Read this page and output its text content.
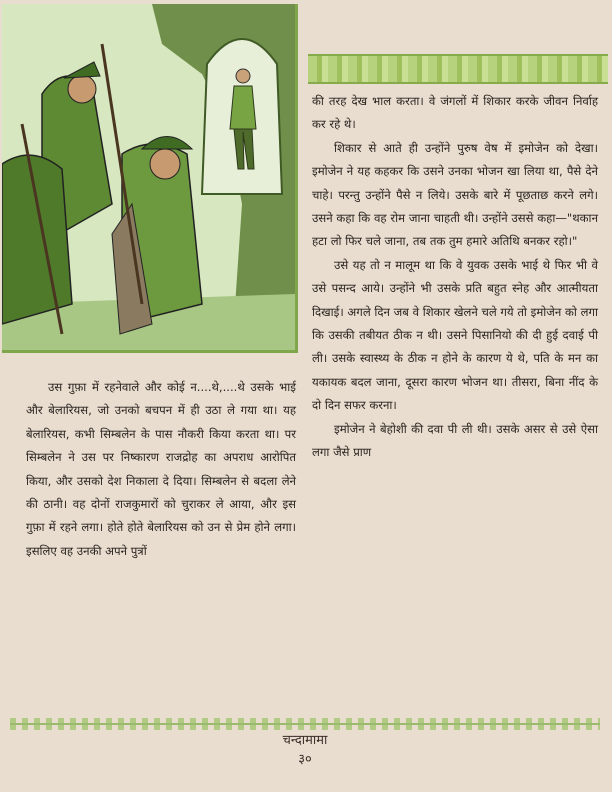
की तरह देख भाल करता। वे जंगलों में शिकार करके जीवन निर्वाह कर रहे थे।

शिकार से आते ही उन्होंने पुरुष वेष में इमोजेन को देखा। इमोजेन ने यह कहकर कि उसने उनका भोजन खा लिया था, पैसे देने चाहे। परन्तु उन्होंने पैसे न लिये। उसके बारे में पूछताछ करने लगे। उसने कहा कि वह रोम जाना चाहती थी। उन्होंने उससे कहा—"थकान हटा लो फिर चले जाना, तब तक तुम हमारे अतिथि बनकर रहो।"

उसे यह तो न मालूम था कि वे युवक उसके भाई थे फिर भी वे उसे पसन्द आये। उन्होंने भी उसके प्रति बहुत स्नेह और आत्मीयता दिखाई। अगले दिन जब वे शिकार खेलने चले गये तो इमोजेन को लगा कि उसकी तबीयत ठीक न थी। उसने पिसानियो की दी हुई दवाई पी ली। उसके स्वास्थ्य के ठीक न होने के कारण ये थे, पति के मन का यकायक बदल जाना, दूसरा कारण भोजन था। तीसरा, बिना नींद के दो दिन सफर करना।

इमोजेन ने बेहोशी की दवा पी ली थी। उसके असर से उसे ऐसा लगा जैसे प्राण

उस गुफ़ा में रहनेवाले और कोई न....थे,....थे उसके भाई और बेलारियस, जो उनको बचपन में ही उठा ले गया था। यह बेलारियस, कभी सिम्बलेन के पास नौकरी किया करता था। पर सिम्बलेन ने उस पर निष्कारण राजद्रोह का अपराध आरोपित किया, और उसको देश निकाला दे दिया। सिम्बलेन से बदला लेने की ठानी। वह दोनों राजकुमारों को चुराकर ले आया, और इस गुफ़ा में रहने लगा। होते होते बेलारियस को उन से प्रेम होने लगा। इसलिए वह उनकी अपने पुत्रों

चन्दामामा
३०
